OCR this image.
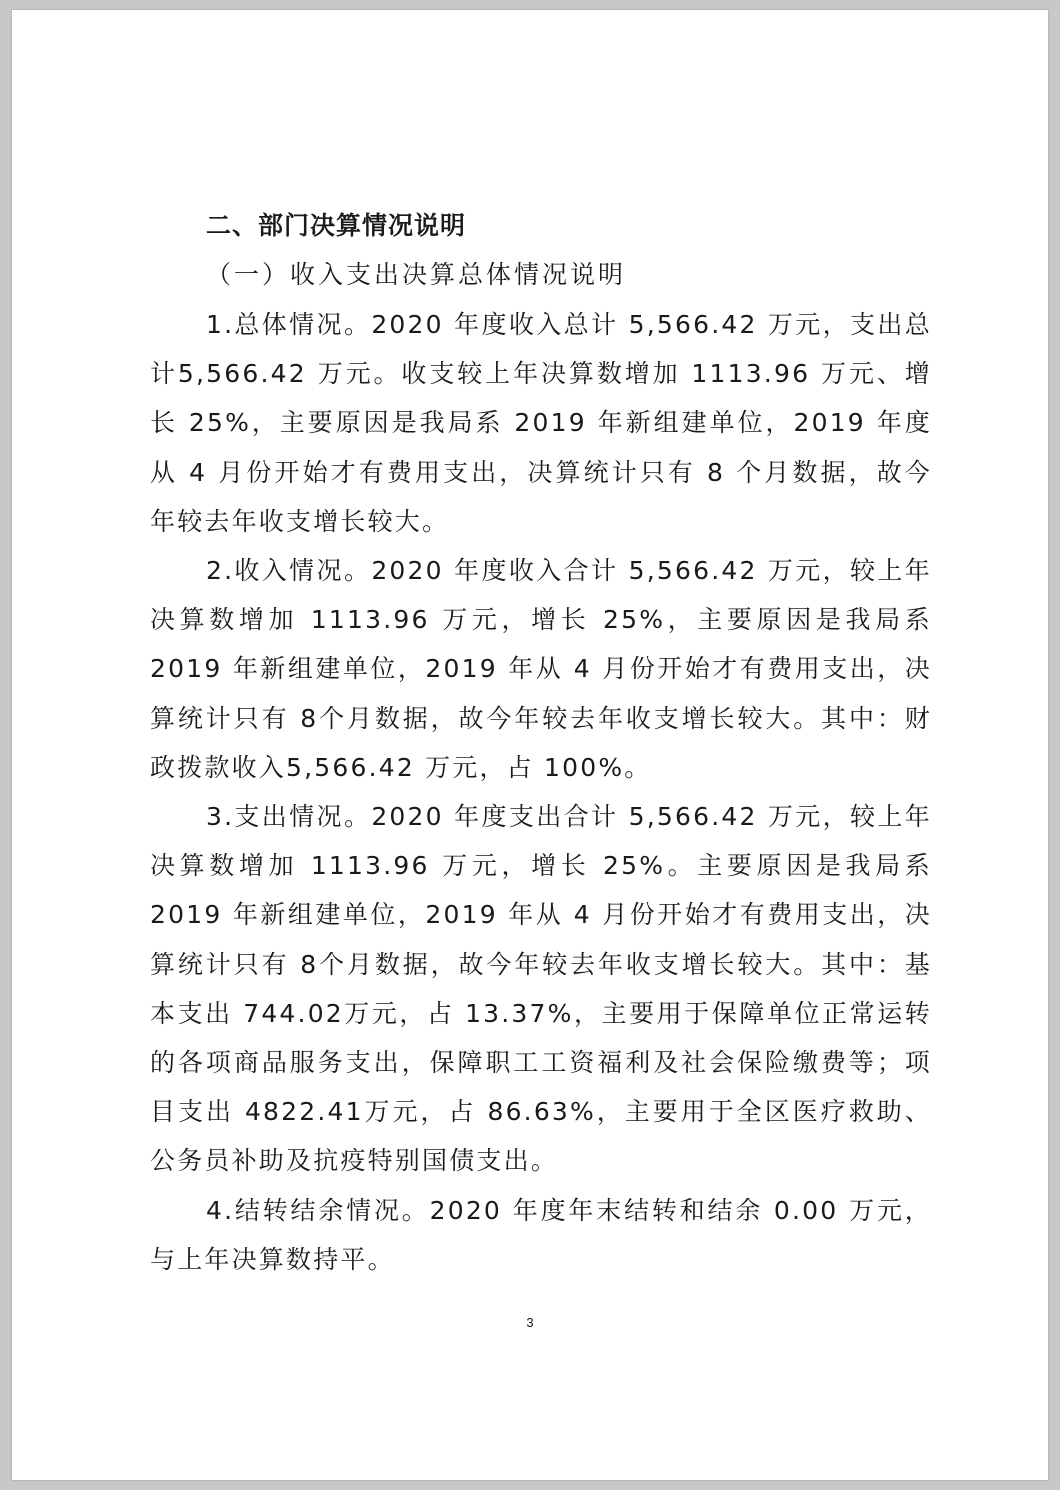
二、部门决算情况说明

（一）收入支出决算总体情况说明

1.总体情况。2020 年度收入总计 5,566.42 万元，支出总计5,566.42 万元。收支较上年决算数增加 1113.96 万元、增长 25%，主要原因是我局系 2019 年新组建单位，2019 年度从 4 月份开始才有费用支出，决算统计只有 8 个月数据，故今年较去年收支增长较大。

2.收入情况。2020 年度收入合计 5,566.42 万元，较上年决算数增加 1113.96 万元，增长 25%，主要原因是我局系 2019 年新组建单位，2019 年从 4 月份开始才有费用支出，决算统计只有 8个月数据，故今年较去年收支增长较大。其中：财政拨款收入5,566.42 万元，占 100%。

3.支出情况。2020 年度支出合计 5,566.42 万元，较上年决算数增加 1113.96 万元，增长 25%。主要原因是我局系 2019 年新组建单位，2019 年从 4 月份开始才有费用支出，决算统计只有 8个月数据，故今年较去年收支增长较大。其中：基本支出 744.02万元，占 13.37%，主要用于保障单位正常运转的各项商品服务支出，保障职工工资福利及社会保险缴费等；项目支出 4822.41万元，占 86.63%，主要用于全区医疗救助、公务员补助及抗疫特别国债支出。

4.结转结余情况。2020 年度年末结转和结余 0.00 万元，与上年决算数持平。

3
